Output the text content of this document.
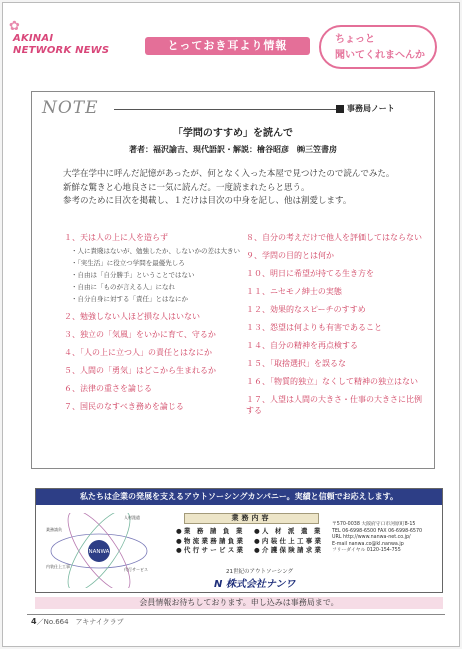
✿
AKINAI
NETWORK NEWS	とっておき耳より情報	ちょっと
聞いてくれまへんか
NOTE	事務局ノート
「学問のすすめ」を読んで
著者：福沢諭吉、現代語訳・解説：檜谷昭彦　㈱三笠書房

大学在学中に呼んだ記憶があったが、何となく入った本屋で見つけたので読んでみた。

新鮮な驚きと心地良さに一気に読んだ。一度読まれたらと思う。

参考のために目次を掲載し、１だけは目次の中身を記し、他は割愛します。

１、天は人の上に人を造らず
・人に貴賤はないが、勉強したか、しないかの差は大きい
・「実生活」に役立つ学問を最優先しろ
・自由は「自分勝手」ということではない
・自由に「ものが言える人」になれ
・自分自身に対する「責任」とはなにか
２、勉強しない人ほど損な人はいない
３、独立の「気風」をいかに育て、守るか
４、「人の上に立つ人」の責任とはなにか
５、人間の「勇気」はどこから生まれるか
６、法律の重さを論じる
７、国民のなすべき務めを論じる
８、自分の考えだけで他人を評価してはならない
９、学問の目的とは何か
１０、明日に希望が持てる生き方を
１１、ニセモノ紳士の実態
１２、効果的なスピーチのすすめ
１３、怨望は何よりも有害であること
１４、自分の精神を再点検する
１５、「取捨選択」を誤るな
１６、「物質的独立」なくして精神の独立はない
１７、人望は人間の大きさ・仕事の大きさに比例する
私たちは企業の発展を支えるアウトソーシングカンパニー。実績と信頼でお応えします。
NANWA
人材派遣
業務請負
内装仕上工事
代行サービス
業務内容
● 業　務　請　負　業
● 物 流 業 務 請 負 業
● 代 行 サ ー ビ ス 業
● 人　材　派　遣　業
● 内 装 仕 上 工 事 業
● 介 護 保 険 請 求 業
〒570-0038 大阪府守口市河原町8-15
TEL 06-6998-6500 FAX 06-6998-6570
URL http://www.nanwa-net.co.jp/
E-mail nanwa.co@kl.nanwa.jp
フリーダイヤル 0120-154-755
21世紀のアウトソーシング
N 株式会社ナンワ
会員情報お待ちしております。申し込みは事務局まで。
4／No.664　アキナイクラブ
